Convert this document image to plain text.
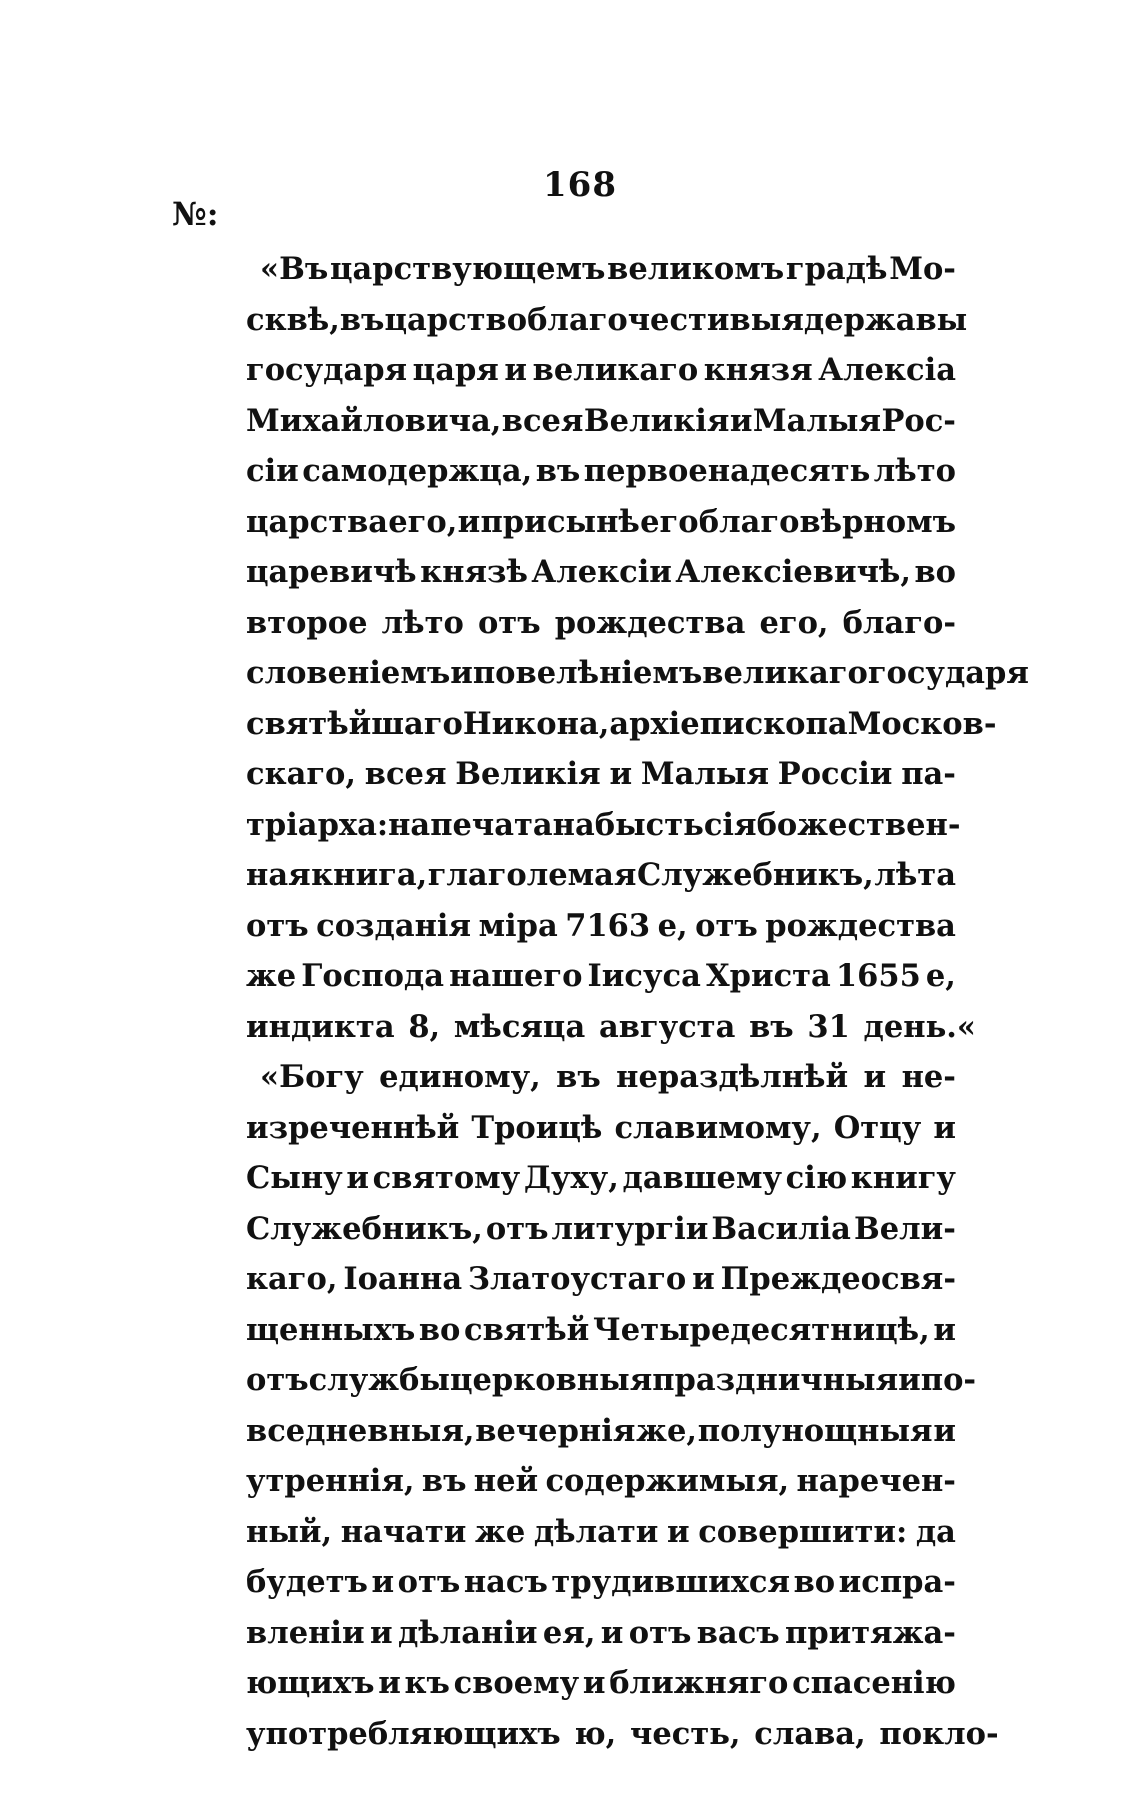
168
№:
«Въ царствующемъ великомъ градѣ Мо-
сквѣ, въ царство благочестивыя державы
государя царя и великаго князя Алексіа
Михайловича, всея Великія и Малыя Рос-
сіи самодержца, въ первоенадесять лѣто
царства его, и при сынѣ его благовѣрномъ
царевичѣ князѣ Алексіи Алексіевичѣ, во
второе лѣто отъ рождества его, благо-
словеніемъ и повелѣніемъ великаго государя
святѣйшаго Никона, архіепископа Москов-
скаго, всея Великія и Малыя Россіи па-
тріарха: напечатана бысть сія божествен-
ная книга, глаголемая Служебникъ, лѣта
отъ созданія міра 7163 е, отъ рождества
же Господа нашего Іисуса Христа 1655 е,
индикта 8, мѣсяца августа въ 31 день.«
«Богу единому, въ нераздѣлнѣй и не-
изреченнѣй Троицѣ славимому, Отцу и
Сыну и святому Духу, давшему сію книгу
Служебникъ, отъ литургіи Василіа Вели-
каго, Іоанна Златоустаго и Преждеосвя-
щенныхъ во святѣй Четыредесятницѣ, и
отъ службы церковныя праздничныя и по-
вседневныя, вечернія же, полунощныя и
утреннія, въ ней содержимыя, наречен-
ный, начати же дѣлати и совершити: да
будетъ и отъ насъ трудившихся во испра-
вленіи и дѣланіи ея, и отъ васъ притяжа-
ющихъ и къ своему и ближняго спасенію
употребляющихъ ю, честь, слава, покло-
